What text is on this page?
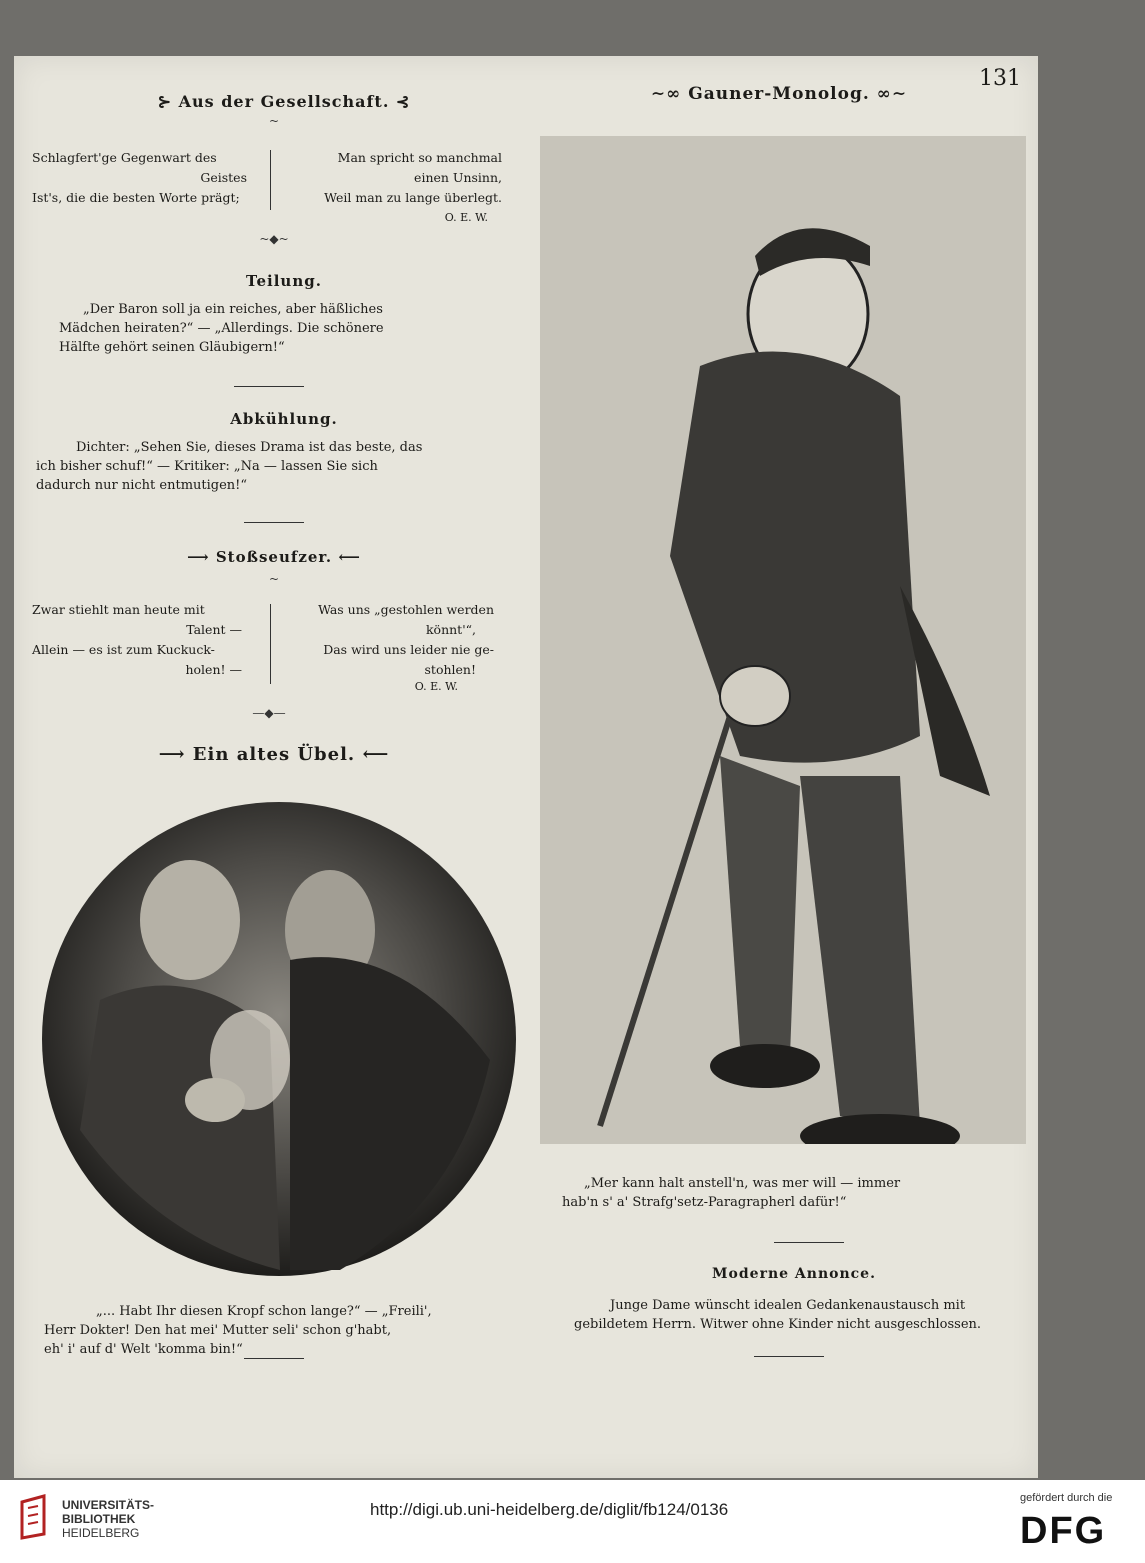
131
⊱ Aus der Gesellschaft. ⊰
~
Schlagfert'ge Gegenwart des
Geistes
Ist's, die die besten Worte prägt;
Man spricht so manchmal
einen Unsinn,
Weil man zu lange überlegt.
O. E. W.
~◆~
Teilung.
„Der Baron soll ja ein reiches, aber häßliches
Mädchen heiraten?“ — „Allerdings. Die schönere
Hälfte gehört seinen Gläubigern!“
Abkühlung.
Dichter: „Sehen Sie, dieses Drama ist das beste, das
ich bisher schuf!“ — Kritiker: „Na — lassen Sie sich
dadurch nur nicht entmutigen!“
⟶ Stoßseufzer. ⟵
~
Zwar stiehlt man heute mit
Talent —
Allein — es ist zum Kuckuck-
holen! —
Was uns „gestohlen werden
könnt'“,
Das wird uns leider nie ge-
stohlen!
O. E. W.
—◆—
⟶ Ein altes Übel. ⟵
„... Habt Ihr diesen Kropf schon lange?“ — „Freili',
Herr Dokter! Den hat mei' Mutter seli' schon g'habt,
eh' i' auf d' Welt 'komma bin!“
∼∞ Gauner-Monolog. ∞∼
„Mer kann halt anstell'n, was mer will — immer
hab'n s' a' Strafg'setz-Paragrapherl dafür!“
Moderne Annonce.
Junge Dame wünscht idealen Gedankenaustausch mit
gebildetem Herrn. Witwer ohne Kinder nicht ausgeschlossen.
UNIVERSITÄTS-
BIBLIOTHEK
HEIDELBERG
http://digi.ub.uni-heidelberg.de/diglit/fb124/0136
gefördert durch die
DFG
